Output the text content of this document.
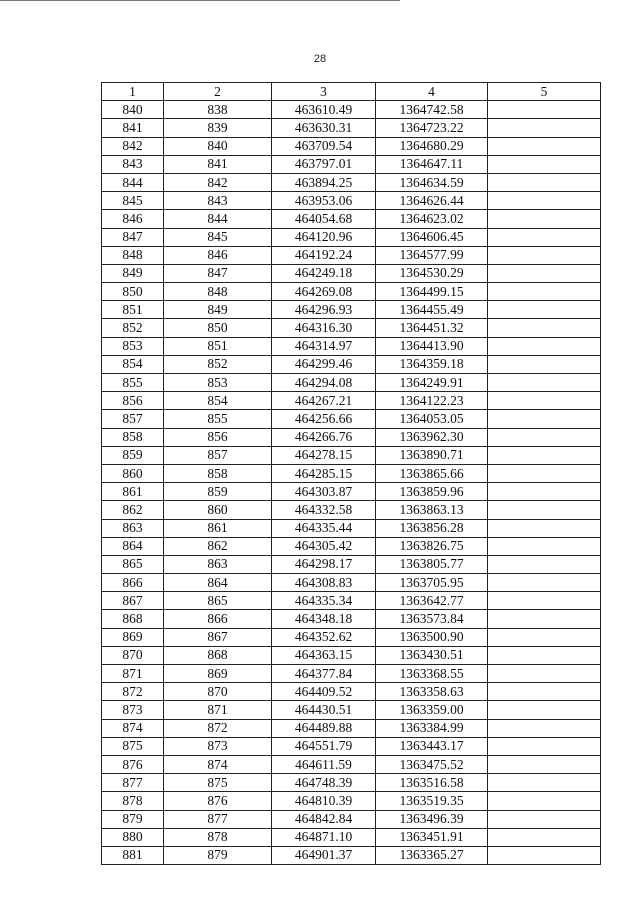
28
1	2	3	4	5
840	838	463610.49	1364742.58	
841	839	463630.31	1364723.22	
842	840	463709.54	1364680.29	
843	841	463797.01	1364647.11	
844	842	463894.25	1364634.59	
845	843	463953.06	1364626.44	
846	844	464054.68	1364623.02	
847	845	464120.96	1364606.45	
848	846	464192.24	1364577.99	
849	847	464249.18	1364530.29	
850	848	464269.08	1364499.15	
851	849	464296.93	1364455.49	
852	850	464316.30	1364451.32	
853	851	464314.97	1364413.90	
854	852	464299.46	1364359.18	
855	853	464294.08	1364249.91	
856	854	464267.21	1364122.23	
857	855	464256.66	1364053.05	
858	856	464266.76	1363962.30	
859	857	464278.15	1363890.71	
860	858	464285.15	1363865.66	
861	859	464303.87	1363859.96	
862	860	464332.58	1363863.13	
863	861	464335.44	1363856.28	
864	862	464305.42	1363826.75	
865	863	464298.17	1363805.77	
866	864	464308.83	1363705.95	
867	865	464335.34	1363642.77	
868	866	464348.18	1363573.84	
869	867	464352.62	1363500.90	
870	868	464363.15	1363430.51	
871	869	464377.84	1363368.55	
872	870	464409.52	1363358.63	
873	871	464430.51	1363359.00	
874	872	464489.88	1363384.99	
875	873	464551.79	1363443.17	
876	874	464611.59	1363475.52	
877	875	464748.39	1363516.58	
878	876	464810.39	1363519.35	
879	877	464842.84	1363496.39	
880	878	464871.10	1363451.91	
881	879	464901.37	1363365.27	
